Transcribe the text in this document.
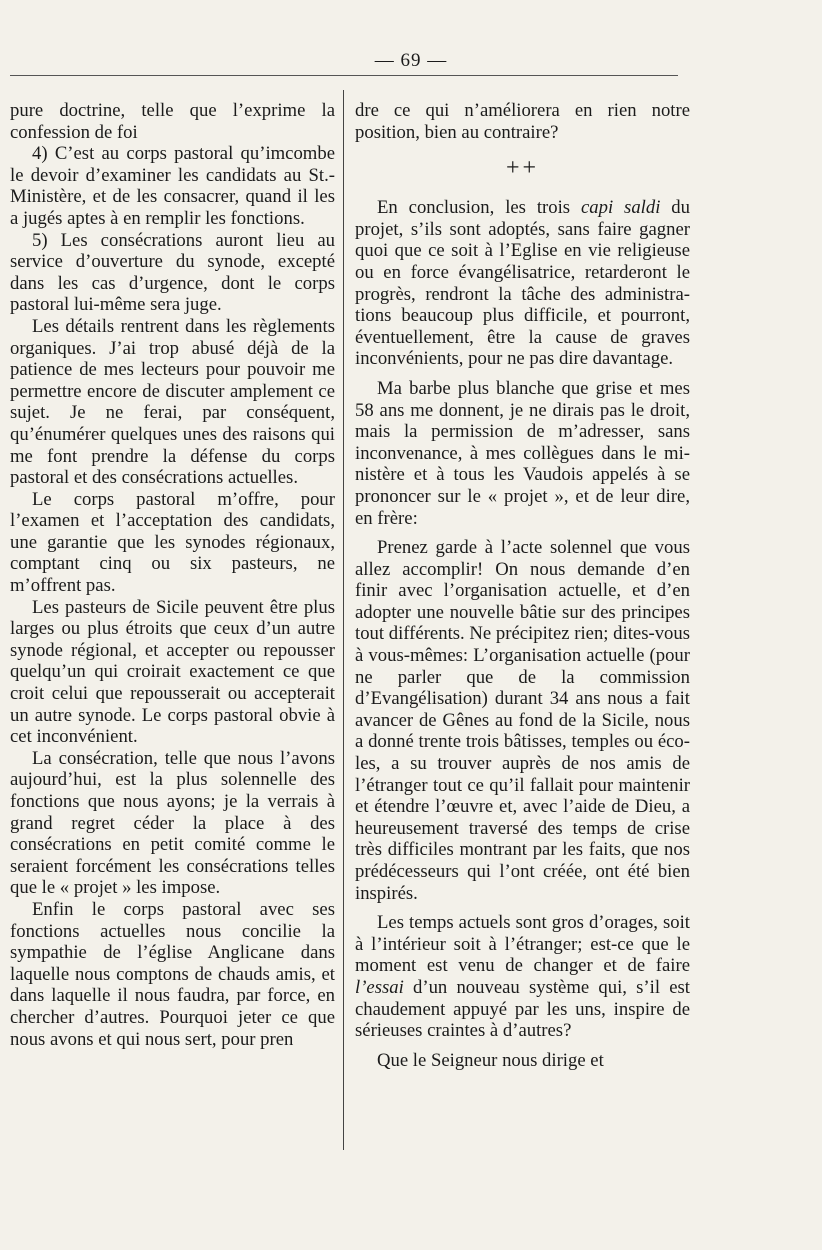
— 69 —

pure doctrine, telle que l’exprime la confession de foi

4) C’est au corps pastoral qu’imcombe le devoir d’examiner les candidats au St.-Ministère, et de les consacrer, quand il les a jugés aptes à en remplir les fonctions.

5) Les consécrations auront lieu au service d’ouverture du synode, excepté dans les cas d’urgence, dont le corps pastoral lui-même sera juge.

Les détails rentrent dans les règlements organiques. J’ai trop abusé déjà de la patience de mes lecteurs pour pouvoir me permettre encore de discuter amplement ce sujet. Je ne ferai, par conséquent, qu’énumérer quelques unes des raisons qui me font prendre la défense du corps pastoral et des consécrations actuelles.

Le corps pastoral m’offre, pour l’examen et l’acceptation des candidats, une garantie que les synodes régionaux, comptant cinq ou six pasteurs, ne m’offrent pas.

Les pasteurs de Sicile peuvent être plus larges ou plus étroits que ceux d’un autre synode régional, et accepter ou repousser quelqu’un qui croirait exactement ce que croit celui que repousserait ou accepterait un autre synode. Le corps pastoral obvie à cet inconvénient.

La consécration, telle que nous l’avons aujourd’hui, est la plus solennelle des fonctions que nous ayons; je la verrais à grand regret céder la place à des consécrations en petit comité comme le seraient forcément les consécrations telles que le « projet » les impose.

Enfin le corps pastoral avec ses fonctions actuelles nous concilie la sympathie de l’église Anglicane dans laquelle nous comptons de chauds amis, et dans laquelle il nous faudra, par force, en chercher d’autres. Pourquoi jeter ce que nous avons et qui nous sert, pour pren

dre ce qui n’améliorera en rien notre position, bien au contraire?

++

En conclusion, les trois capi saldi du projet, s’ils sont adoptés, sans faire gagner quoi que ce soit à l’Eglise en vie religieuse ou en force évangélisatrice, retarderont le progrès, rendront la tâche des administrations beaucoup plus difficile, et pourront, éventuellement, être la cause de graves inconvénients, pour ne pas dire davantage.

Ma barbe plus blanche que grise et mes 58 ans me donnent, je ne dirais pas le droit, mais la permission de m’adresser, sans inconvenance, à mes collègues dans le ministère et à tous les Vaudois appelés à se prononcer sur le « projet », et de leur dire, en frère:

Prenez garde à l’acte solennel que vous allez accomplir! On nous demande d’en finir avec l’organisation actuelle, et d’en adopter une nouvelle bâtie sur des principes tout différents. Ne précipitez rien; dites-vous à vous-mêmes: L’organisation actuelle (pour ne parler que de la commission d’Evangélisation) durant 34 ans nous a fait avancer de Gênes au fond de la Sicile, nous a donné trente trois bâtisses, temples ou écoles, a su trouver auprès de nos amis de l’étranger tout ce qu’il fallait pour maintenir et étendre l’œuvre et, avec l’aide de Dieu, a heureusement traversé des temps de crise très difficiles montrant par les faits, que nos prédécesseurs qui l’ont créée, ont été bien inspirés.

Les temps actuels sont gros d’orages, soit à l’intérieur soit à l’étranger; est-ce que le moment est venu de changer et de faire l’essai d’un nouveau système qui, s’il est chaudement appuyé par les uns, inspire de sérieuses craintes à d’autres?

Que le Seigneur nous dirige et
